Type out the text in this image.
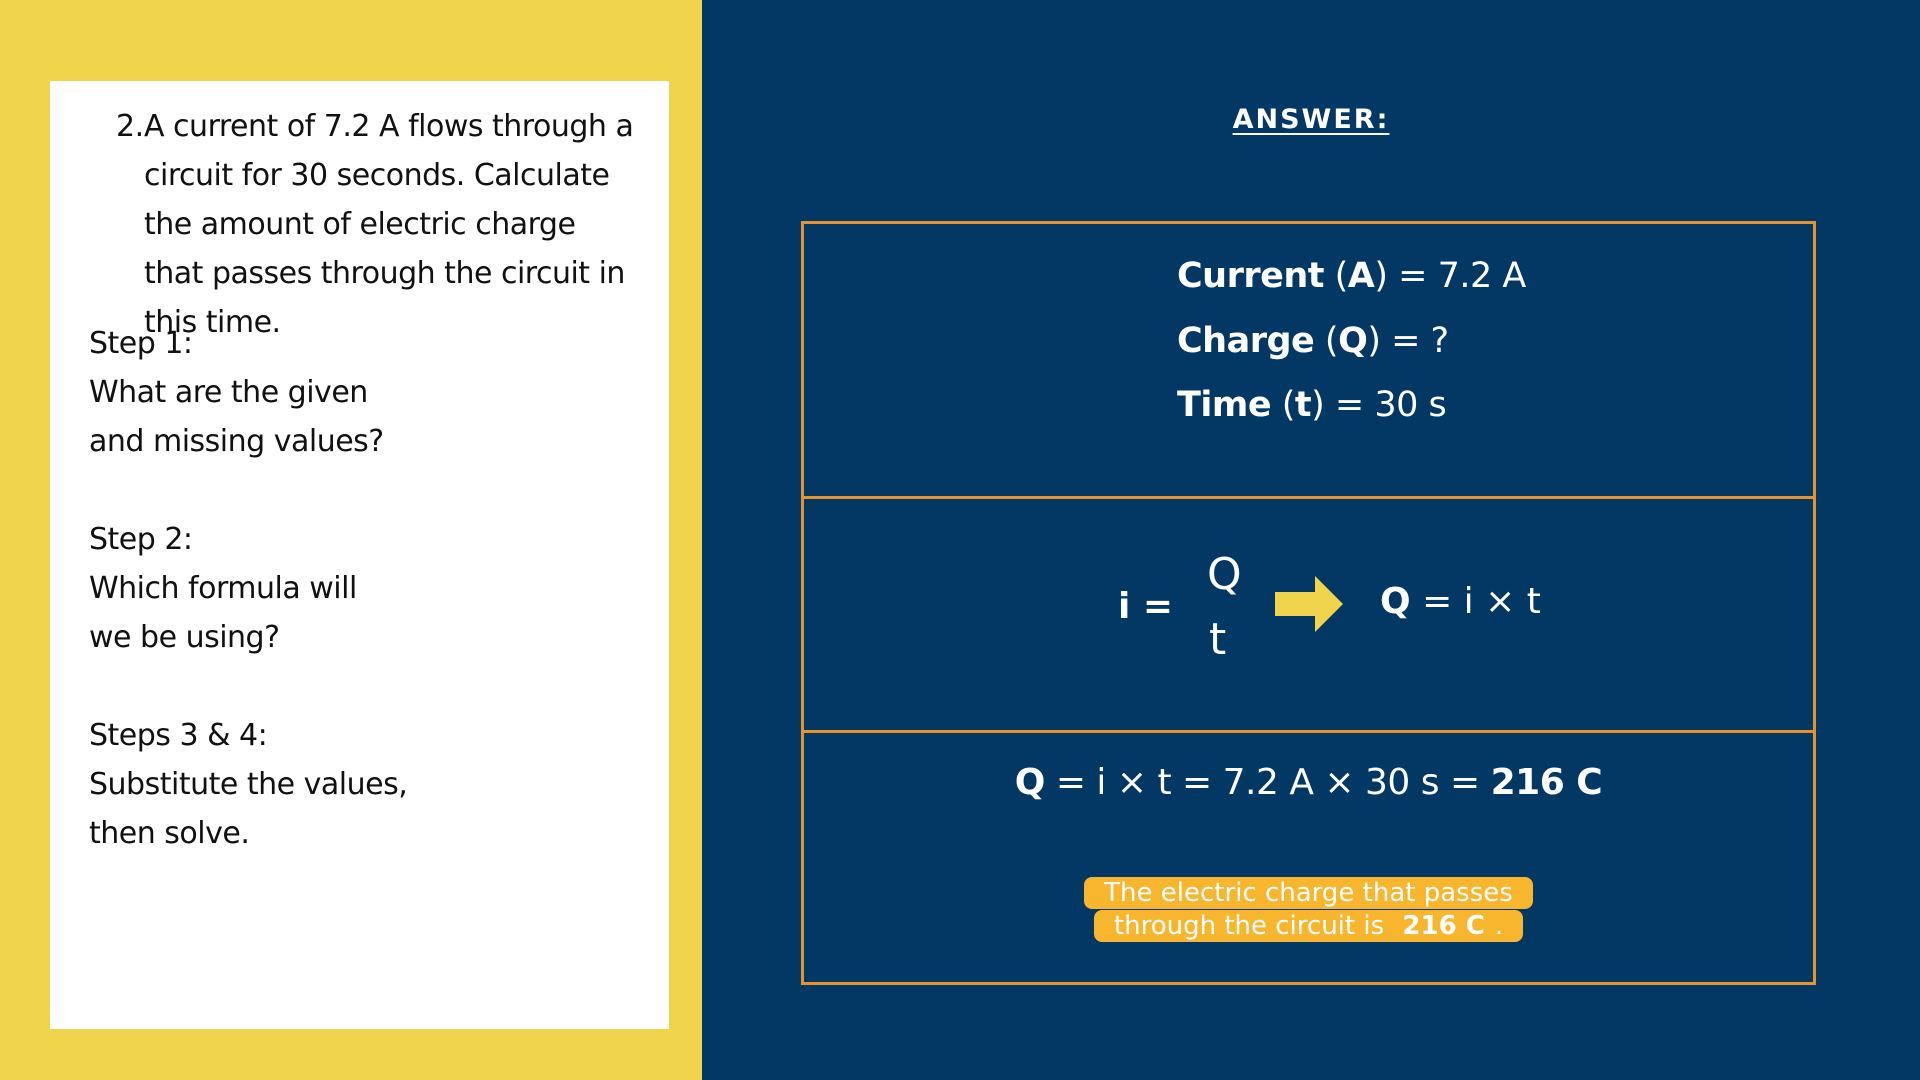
2. A current of 7.2 A flows through a circuit for 30 seconds. Calculate the amount of electric charge that passes through the circuit in this time.
Step 1:
What are the given
and missing values?
Step 2:
Which formula will
we be using?
Steps 3 & 4:
Substitute the values,
then solve.
ANSWER:
Current (A) = 7.2 A
Charge (Q) = ?
Time (t) = 30 s
i =
Q
t
Q = i × t
Q = i × t = 7.2 A × 30 s = 216 C
The electric charge that passes
through the circuit is 216 C .
